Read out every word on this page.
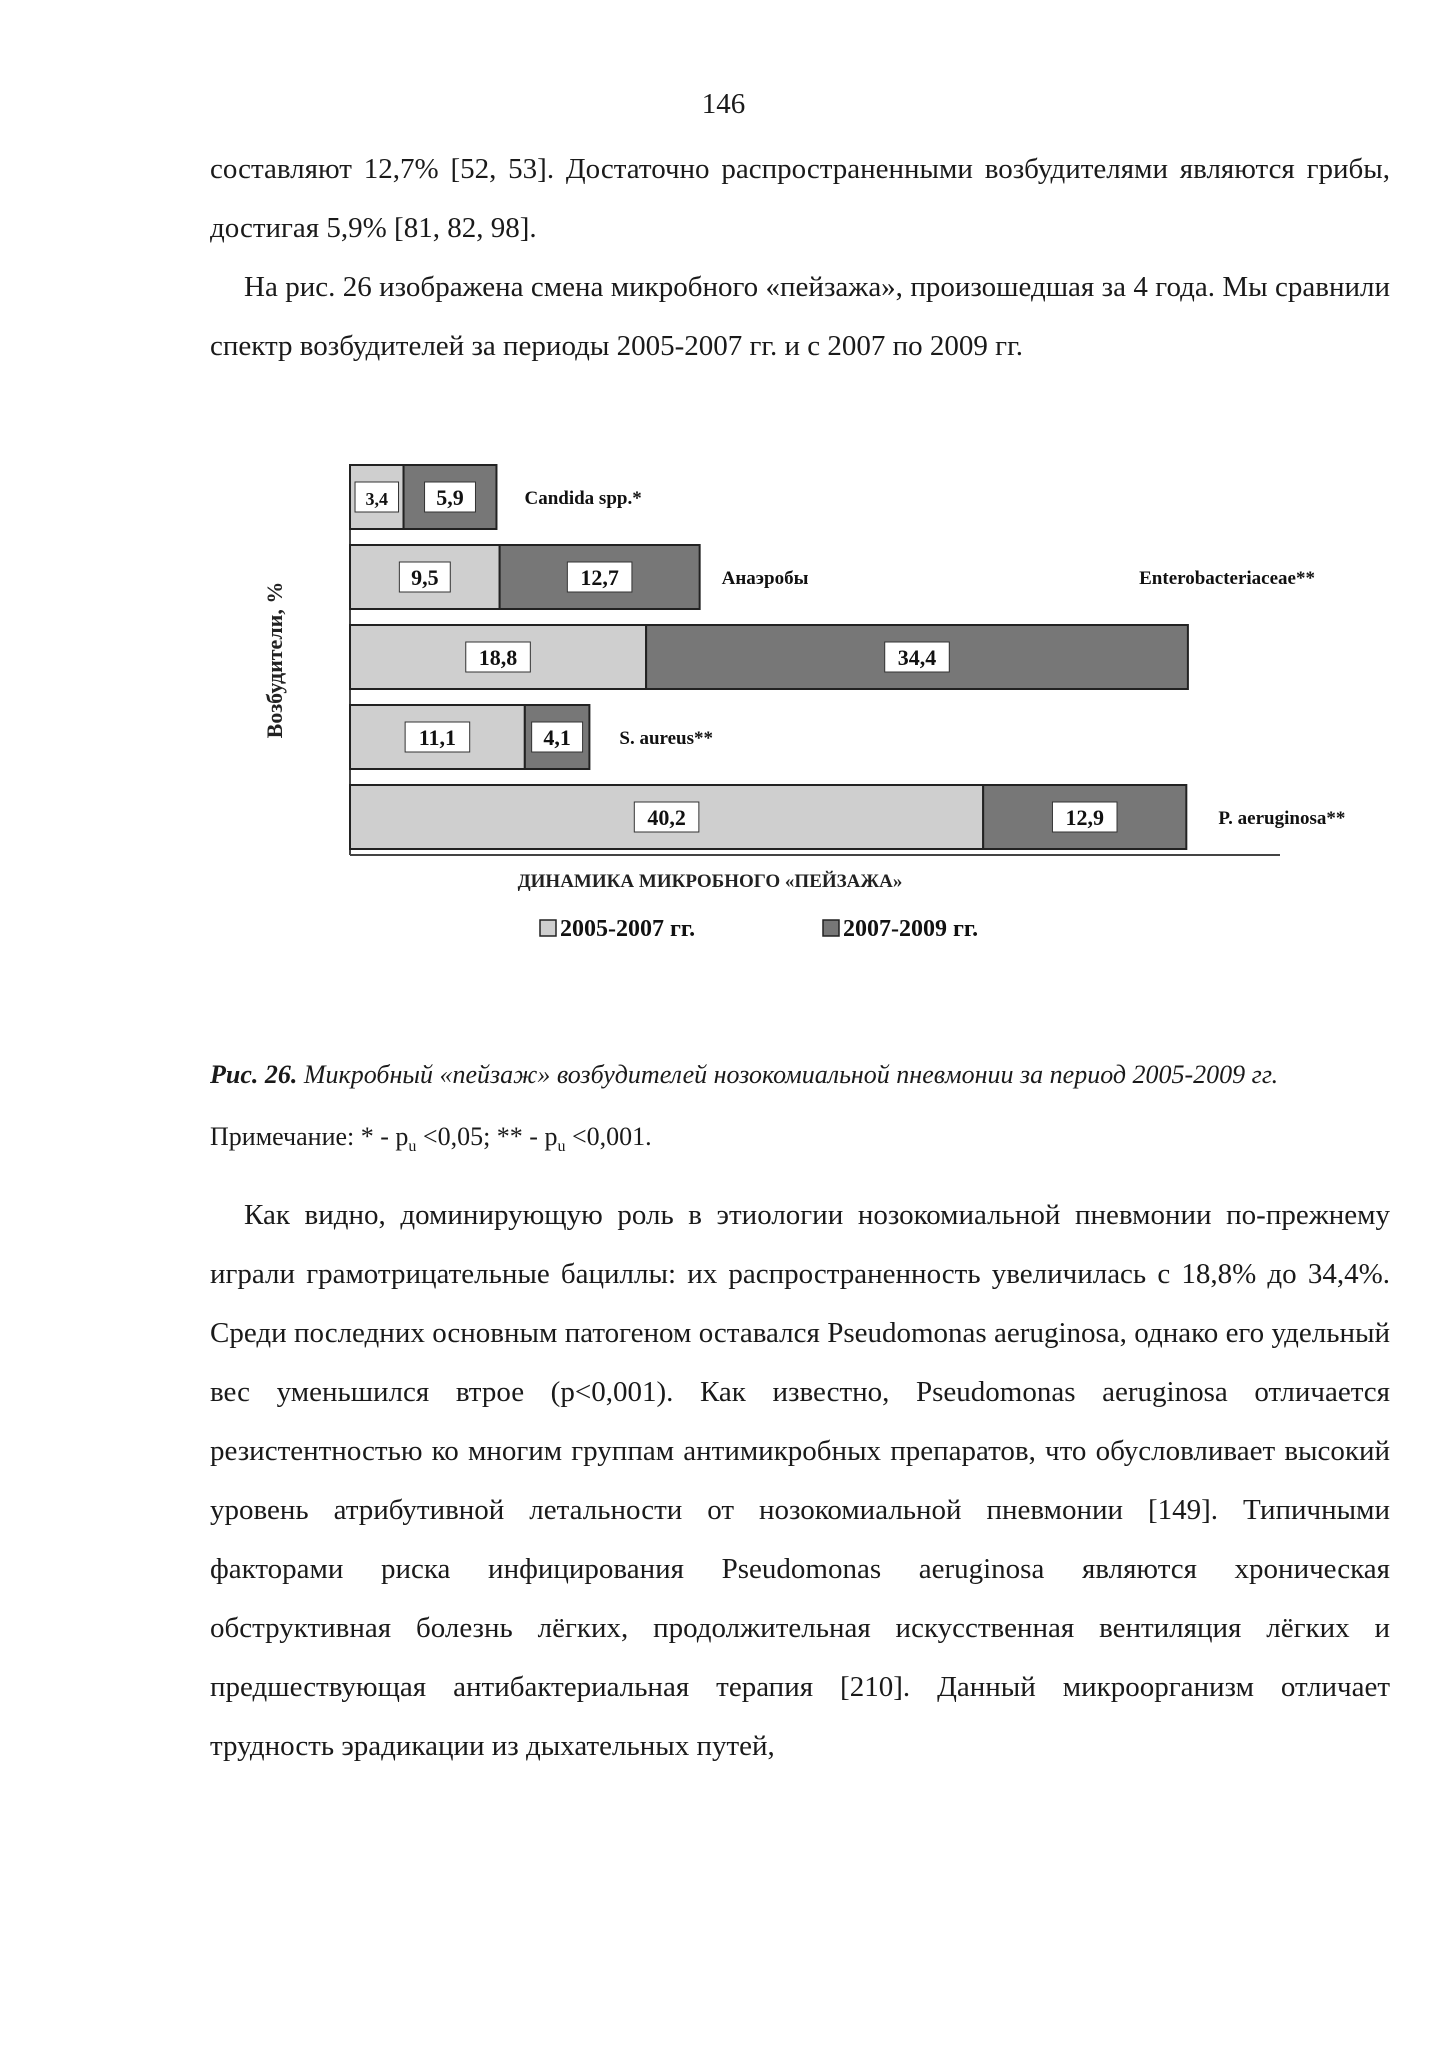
146

составляют 12,7% [52, 53]. Достаточно распространенными возбудителями являются грибы, достигая 5,9% [81, 82, 98].

На рис. 26 изображена смена микробного «пейзажа», произошедшая за 4 года. Мы сравнили спектр возбудителей за периоды 2005-2007 гг. и с 2007 по 2009 гг.

Возбудители, %
ДИНАМИКА МИКРОБНОГО «ПЕЙЗАЖА»
3,4 5,9	Candida spp.*
9,5	12,7	Анаэробы
18,8	34,4
Enterobacteriaceae**
11,1	4,1	S. aureus**
40,2	12,9	P. aeruginosa**
2005-2007 гг.	2007-2009 гг.
Рис. 26. Микробный «пейзаж» возбудителей нозокомиальной пневмонии за период 2005-2009 гг.
Примечание: * - $p_u <0,05$; ** - $p_u <0,001$.

Как видно, доминирующую роль в этиологии нозокомиальной пневмонии по-прежнему играли грамотрицательные бациллы: их распространенность увеличилась с 18,8% до 34,4%. Среди последних основным патогеном оставался Pseudomonas aeruginosa, однако его удельный вес уменьшился втрое (p<0,001). Как известно, Pseudomonas aeruginosa отличается резистентностью ко многим группам антимикробных препаратов, что обусловливает высокий уровень атрибутивной летальности от нозокомиальной пневмонии [149]. Типичными факторами риска инфицирования Pseudomonas aeruginosa являются хроническая обструктивная болезнь лёгких, продолжительная искусственная вентиляция лёгких и предшествующая антибактериальная терапия [210]. Данный микроорганизм отличает трудность эрадикации из дыхательных путей,
